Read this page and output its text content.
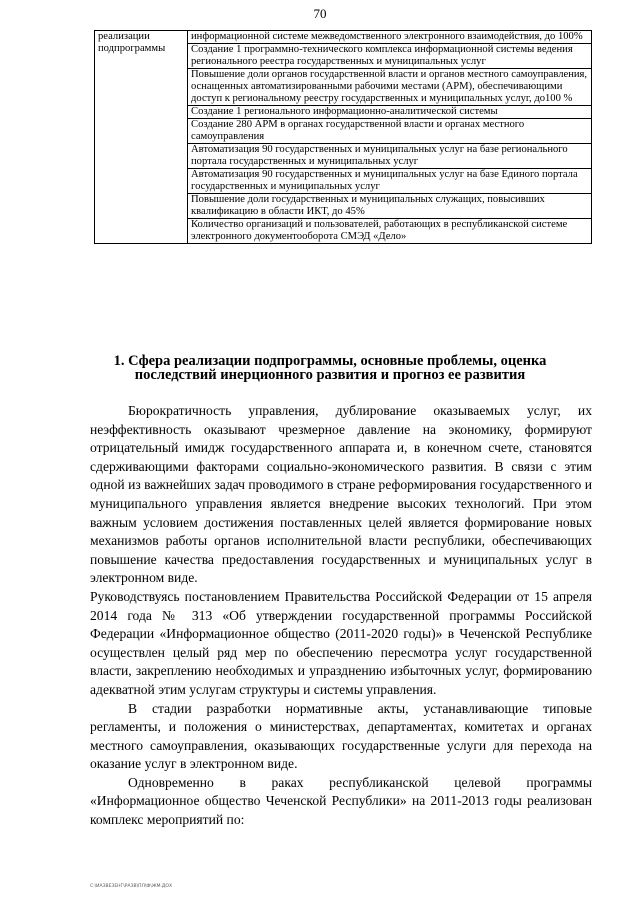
70
реализации подпрограммы	информационной системе межведомственного электронного взаимодействия, до 100%
Создание 1 программно-технического комплекса информационной системы ведения регионального реестра государственных и муниципальных услуг
Повышение доли органов государственной власти и органов местного самоуправления, оснащенных автоматизированными рабочими местами (АРМ), обеспечивающими доступ к региональному реестру государственных и муниципальных услуг, до100 %
Создание 1 регионального информационно-аналитической системы
Создание 280 АРМ в органах государственной власти и органах местного самоуправления
Автоматизация 90 государственных и муниципальных услуг на базе регионального портала государственных и муниципальных услуг
Автоматизация 90 государственных и муниципальных услуг на базе Единого портала государственных и муниципальных услуг
Повышение доли государственных и муниципальных служащих, повысивших квалификацию в области ИКТ, до 45%
Количество организаций и пользователей, работающих в республиканской системе электронного документооборота СМЭД «Дело»
1. Сфера реализации подпрограммы, основные проблемы, оценка последствий инерционного развития и прогноз ее развития

Бюрократичность управления, дублирование оказываемых услуг, их неэффективность оказывают чрезмерное давление на экономику, формируют отрицательный имидж государственного аппарата и, в конечном счете, становятся сдерживающими факторами социально-экономического развития. В связи с этим одной из важнейших задач проводимого в стране реформирования государственного и муниципального управления является внедрение высоких технологий. При этом важным условием достижения поставленных целей является формирование новых механизмов работы органов исполнительной власти республики, обеспечивающих повышение качества предоставления государственных и муниципальных услуг в электронном виде.

Руководствуясь постановлением Правительства Российской Федерации от 15 апреля 2014 года № 313 «Об утверждении государственной программы Российской Федерации «Информационное общество (2011-2020 годы)» в Чеченской Республике осуществлен целый ряд мер по обеспечению пересмотра услуг государственной власти, закреплению необходимых и упразднению избыточных услуг, формированию адекватной этим услугам структуры и системы управления.

В стадии разработки нормативные акты, устанавливающие типовые регламенты, и положения о министерствах, департаментах, комитетах и органах местного самоуправления, оказывающих государственные услуги для перехода на оказание услуг в электронном виде.

Одновременно в раках республиканской целевой программы «Информационное общество Чеченской Республики» на 2011-2013 годы реализован комплекс мероприятий по:

С:\ИАЗВЕЗЕНГ\РАЗВ\ПЛ\Ф\ЖМ.ДОХ
